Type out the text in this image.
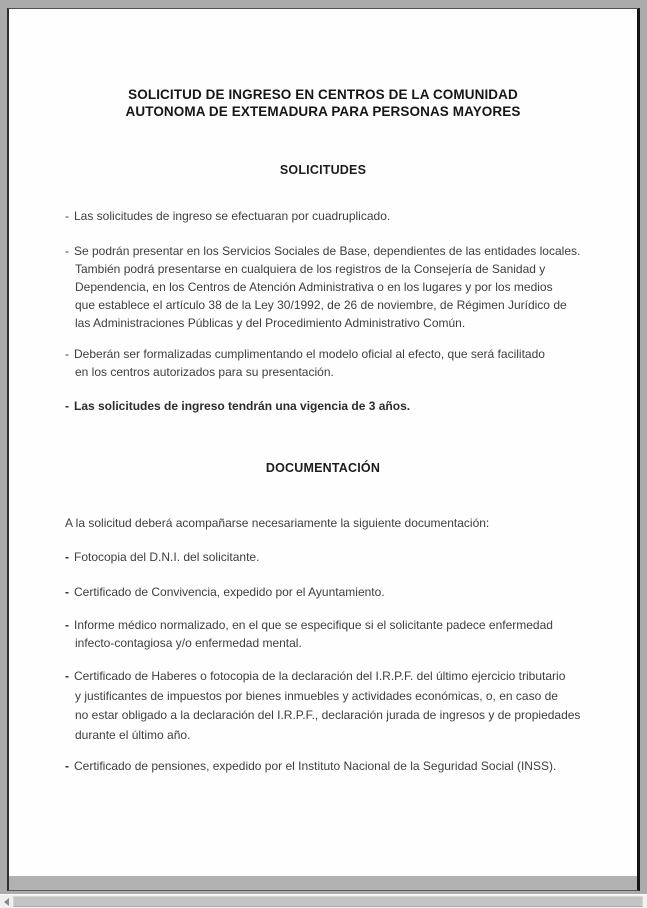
SOLICITUD DE INGRESO EN CENTROS DE LA COMUNIDAD
AUTONOMA DE EXTEMADURA PARA PERSONAS MAYORES
SOLICITUDES
- Las solicitudes de ingreso se efectuaran por cuadruplicado.
- Se podrán presentar en los Servicios Sociales de Base, dependientes de las entidades locales.
También podrá presentarse en cualquiera de los registros de la Consejería de Sanidad y
Dependencia, en los Centros de Atención Administrativa o en los lugares y por los medios
que establece el artículo 38 de la Ley 30/1992, de 26 de noviembre, de Régimen Jurídico de
las Administraciones Públicas y del Procedimiento Administrativo Común.
- Deberán ser formalizadas cumplimentando el modelo oficial al efecto, que será facilitado
en los centros autorizados para su presentación.
- Las solicitudes de ingreso tendrán una vigencia de 3 años.
DOCUMENTACIÓN
A la solicitud deberá acompañarse necesariamente la siguiente documentación:
- Fotocopia del D.N.I. del solicitante.
- Certificado de Convivencia, expedido por el Ayuntamiento.
- Informe médico normalizado, en el que se especifique si el solicitante padece enfermedad
infecto-contagiosa y/o enfermedad mental.
- Certificado de Haberes o fotocopia de la declaración del I.R.P.F. del último ejercicio tributario
y justificantes de impuestos por bienes inmuebles y actividades económicas, o, en caso de
no estar obligado a la declaración del I.R.P.F., declaración jurada de ingresos y de propiedades
durante el último año.
- Certificado de pensiones, expedido por el Instituto Nacional de la Seguridad Social (INSS).
